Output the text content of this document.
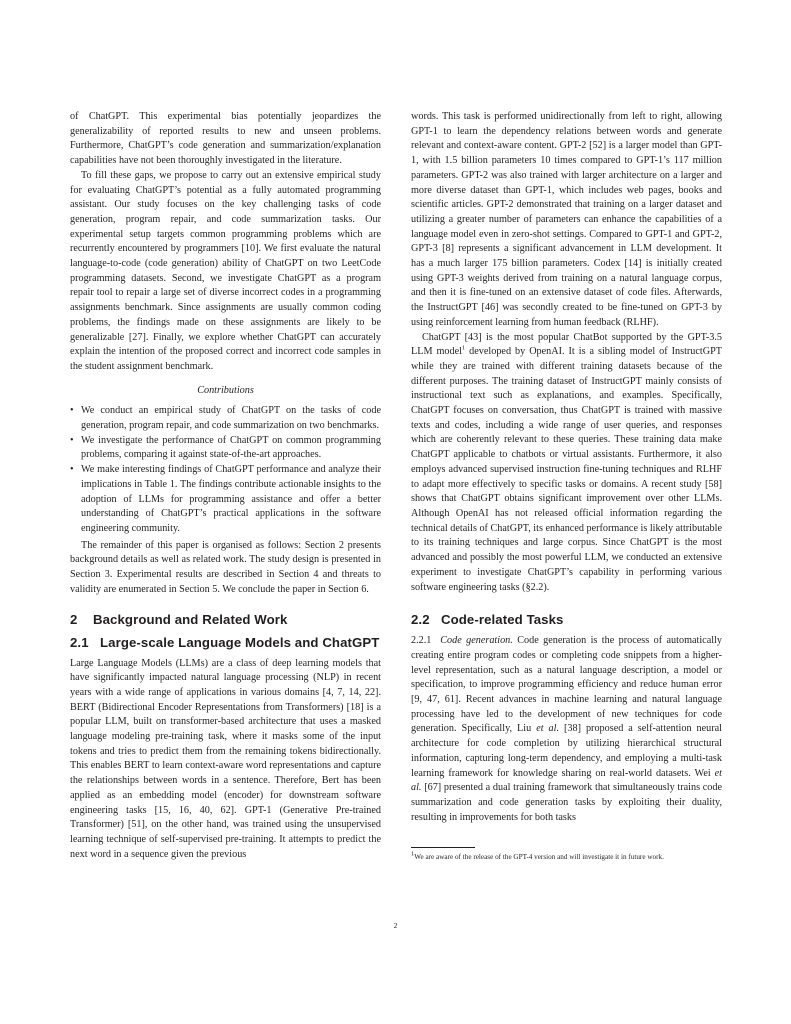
of ChatGPT. This experimental bias potentially jeopardizes the generalizability of reported results to new and unseen problems. Furthermore, ChatGPT’s code generation and summarization/explanation capabilities have not been thoroughly investigated in the literature.

To fill these gaps, we propose to carry out an extensive empirical study for evaluating ChatGPT’s potential as a fully automated programming assistant. Our study focuses on the key challenging tasks of code generation, program repair, and code summarization tasks. Our experimental setup targets common programming problems which are recurrently encountered by programmers [10]. We first evaluate the natural language-to-code (code generation) ability of ChatGPT on two LeetCode programming datasets. Second, we investigate ChatGPT as a program repair tool to repair a large set of diverse incorrect codes in a programming assignments benchmark. Since assignments are usually common coding problems, the findings made on these assignments are likely to be generalizable [27]. Finally, we explore whether ChatGPT can accurately explain the intention of the proposed correct and incorrect code samples in the student assignment benchmark.

Contributions
• We conduct an empirical study of ChatGPT on the tasks of code generation, program repair, and code summarization on two benchmarks.
• We investigate the performance of ChatGPT on common programming problems, comparing it against state-of-the-art approaches.
• We make interesting findings of ChatGPT performance and analyze their implications in Table 1. The findings contribute actionable insights to the adoption of LLMs for programming assistance and offer a better understanding of ChatGPT’s practical applications in the software engineering community.

The remainder of this paper is organised as follows: Section 2 presents background details as well as related work. The study design is presented in Section 3. Experimental results are described in Section 4 and threats to validity are enumerated in Section 5. We conclude the paper in Section 6.

2 Background and Related Work
2.1 Large-scale Language Models and ChatGPT

Large Language Models (LLMs) are a class of deep learning models that have significantly impacted natural language processing (NLP) in recent years with a wide range of applications in various domains [4, 7, 14, 22]. BERT (Bidirectional Encoder Representations from Transformers) [18] is a popular LLM, built on transformer-based architecture that uses a masked language modeling pre-training task, where it masks some of the input tokens and tries to predict them from the remaining tokens bidirectionally. This enables BERT to learn context-aware word representations and capture the relationships between words in a sentence. Therefore, Bert has been applied as an embedding model (encoder) for downstream software engineering tasks [15, 16, 40, 62]. GPT-1 (Generative Pre-trained Transformer) [51], on the other hand, was trained using the unsupervised learning technique of self-supervised pre-training. It attempts to predict the next word in a sequence given the previous

words. This task is performed unidirectionally from left to right, allowing GPT-1 to learn the dependency relations between words and generate relevant and context-aware content. GPT-2 [52] is a larger model than GPT-1, with 1.5 billion parameters 10 times compared to GPT-1’s 117 million parameters. GPT-2 was also trained with larger architecture on a larger and more diverse dataset than GPT-1, which includes web pages, books and scientific articles. GPT-2 demonstrated that training on a larger dataset and utilizing a greater number of parameters can enhance the capabilities of a language model even in zero-shot settings. Compared to GPT-1 and GPT-2, GPT-3 [8] represents a significant advancement in LLM development. It has a much larger 175 billion parameters. Codex [14] is initially created using GPT-3 weights derived from training on a natural language corpus, and then it is fine-tuned on an extensive dataset of code files. Afterwards, the InstructGPT [46] was secondly created to be fine-tuned on GPT-3 by using reinforcement learning from human feedback (RLHF).

ChatGPT [43] is the most popular ChatBot supported by the GPT-3.5 LLM model$^1$ developed by OpenAI. It is a sibling model of InstructGPT while they are trained with different training datasets because of the different purposes. The training dataset of InstructGPT mainly consists of instructional text such as explanations, and examples. Specifically, ChatGPT focuses on conversation, thus ChatGPT is trained with massive texts and codes, including a wide range of user queries, and responses which are coherently relevant to these queries. These training data make ChatGPT applicable to chatbots or virtual assistants. Furthermore, it also employs advanced supervised instruction fine-tuning techniques and RLHF to adapt more effectively to specific tasks or domains. A recent study [58] shows that ChatGPT obtains significant improvement over other LLMs. Although OpenAI has not released official information regarding the technical details of ChatGPT, its enhanced performance is likely attributable to its training techniques and large corpus. Since ChatGPT is the most advanced and possibly the most powerful LLM, we conducted an extensive experiment to investigate ChatGPT’s capability in performing various software engineering tasks (§2.2).

2.2 Code-related Tasks

2.2.1 Code generation. Code generation is the process of automatically creating entire program codes or completing code snippets from a higher-level representation, such as a natural language description, a model or specification, to improve programming efficiency and reduce human error [9, 47, 61]. Recent advances in machine learning and natural language processing have led to the development of new techniques for code generation. Specifically, Liu et al. [38] proposed a self-attention neural architecture for code completion by utilizing hierarchical structural information, capturing long-term dependency, and employing a multi-task learning framework for knowledge sharing on real-world datasets. Wei et al. [67] presented a dual training framework that simultaneously trains code summarization and code generation tasks by exploiting their duality, resulting in improvements for both tasks

$^1$We are aware of the release of the GPT-4 version and will investigate it in future work.
2
